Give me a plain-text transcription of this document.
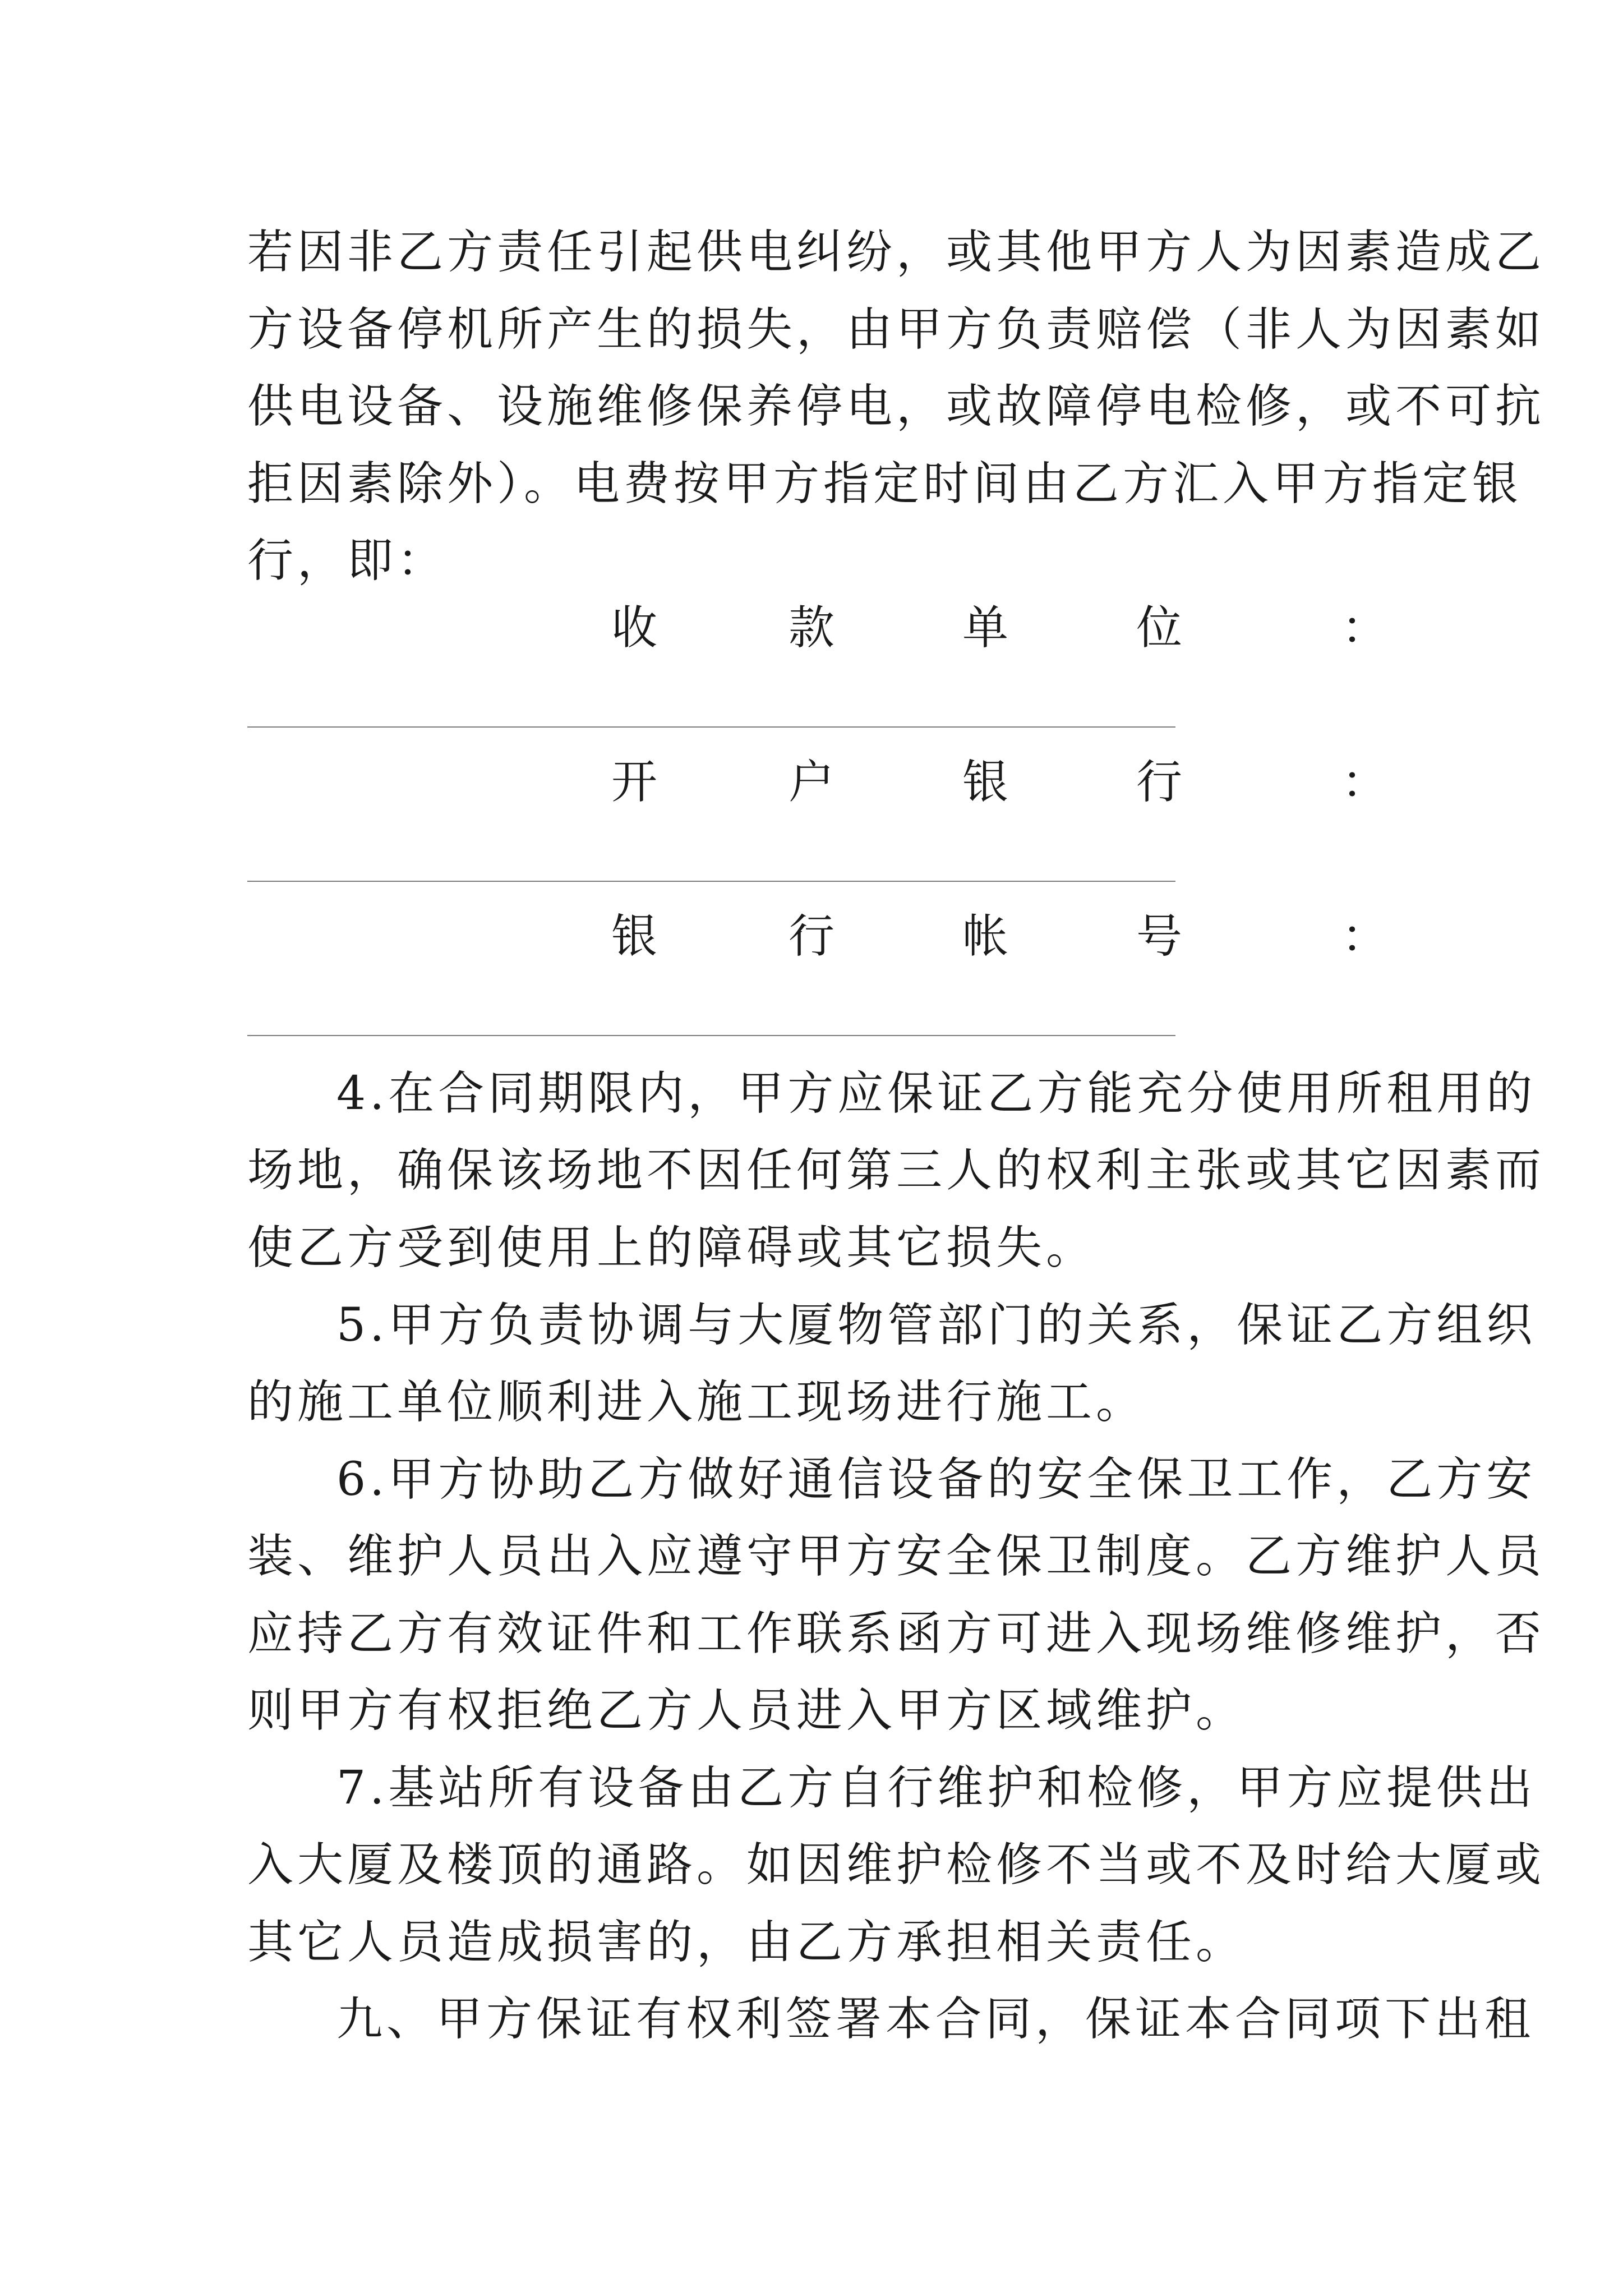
若因非乙方责任引起供电纠纷，或其他甲方人为因素造成乙
方设备停机所产生的损失，由甲方负责赔偿（非人为因素如
供电设备、设施维修保养停电，或故障停电检修，或不可抗
拒因素除外）。电费按甲方指定时间由乙方汇入甲方指定银
行，即：
收	款	单	位	：
开	户	银	行	：
银	行	帐	号	：
4.在合同期限内，甲方应保证乙方能充分使用所租用的
场地，确保该场地不因任何第三人的权利主张或其它因素而
使乙方受到使用上的障碍或其它损失。
5.甲方负责协调与大厦物管部门的关系，保证乙方组织
的施工单位顺利进入施工现场进行施工。
6.甲方协助乙方做好通信设备的安全保卫工作，乙方安
装、维护人员出入应遵守甲方安全保卫制度。乙方维护人员
应持乙方有效证件和工作联系函方可进入现场维修维护，否
则甲方有权拒绝乙方人员进入甲方区域维护。
7.基站所有设备由乙方自行维护和检修，甲方应提供出
入大厦及楼顶的通路。如因维护检修不当或不及时给大厦或
其它人员造成损害的，由乙方承担相关责任。
九、甲方保证有权利签署本合同，保证本合同项下出租
